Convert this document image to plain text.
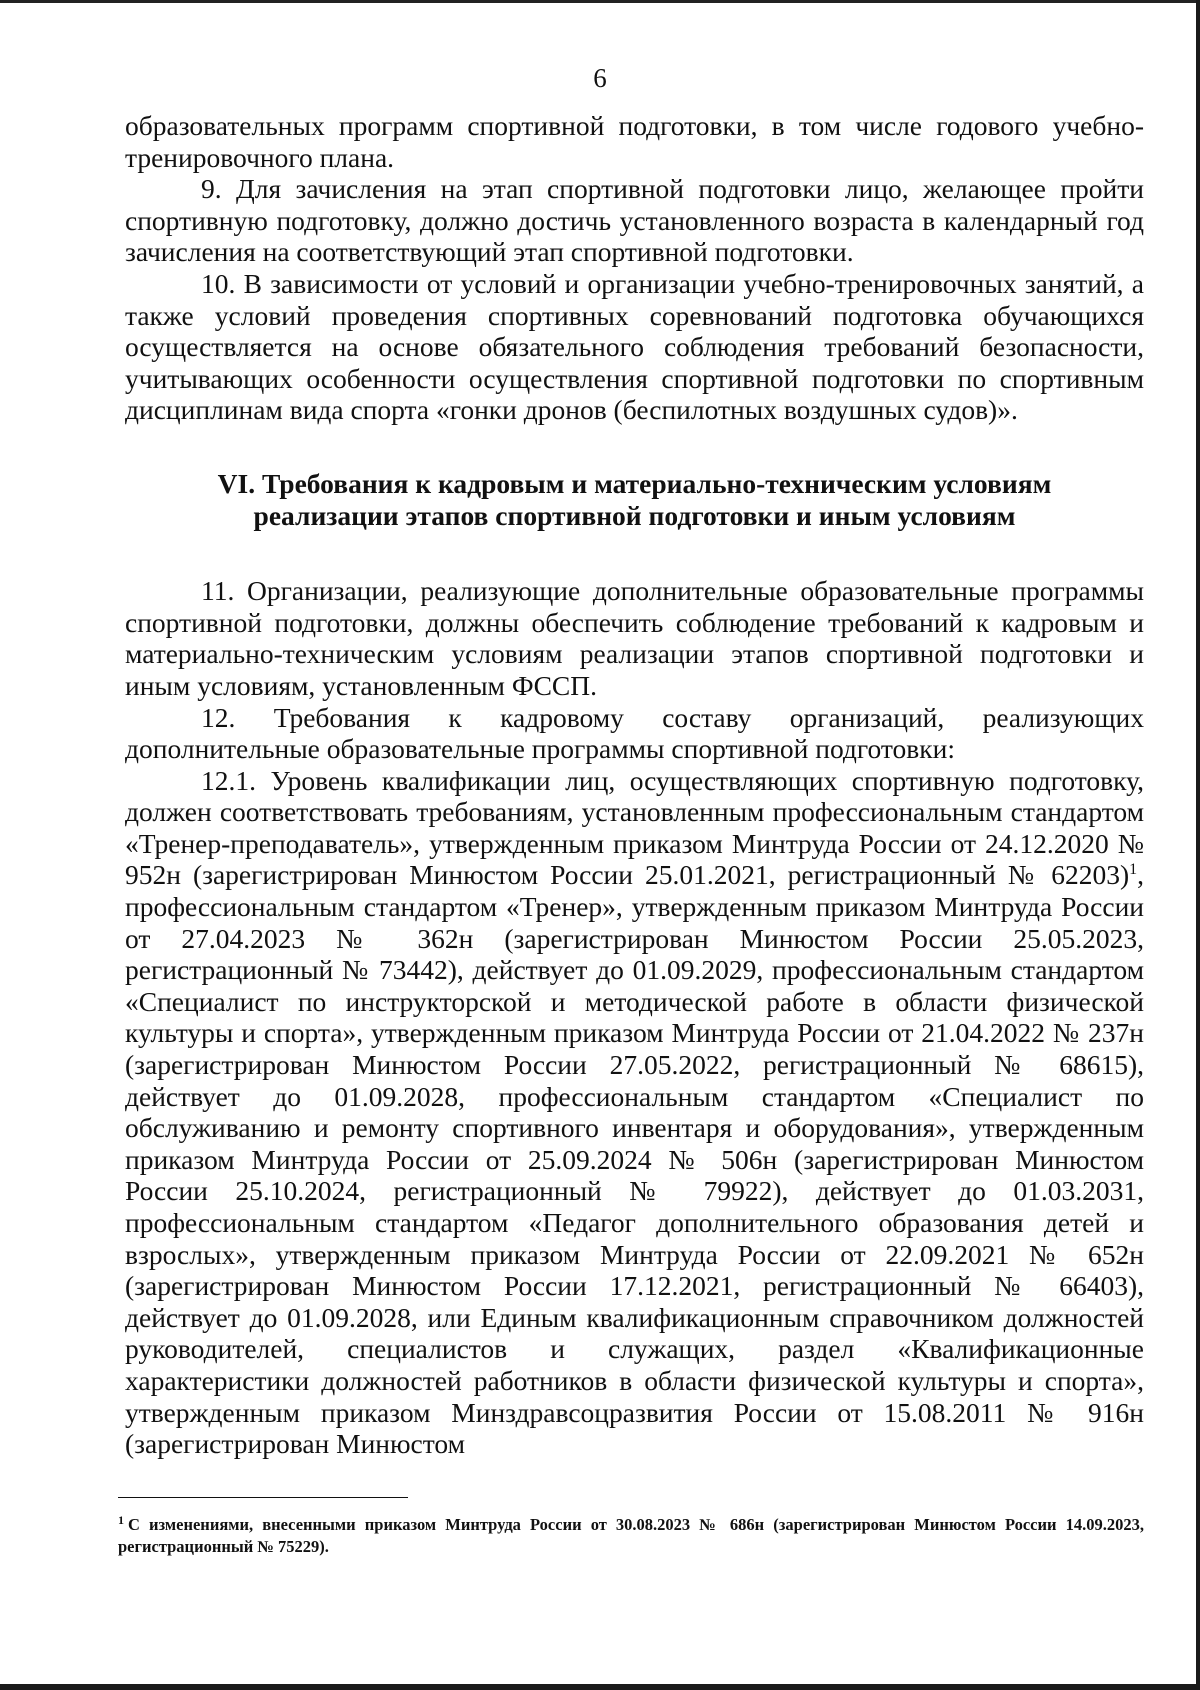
6

образовательных программ спортивной подготовки, в том числе годового учебно-тренировочного плана.

9. Для зачисления на этап спортивной подготовки лицо, желающее пройти спортивную подготовку, должно достичь установленного возраста в календарный год зачисления на соответствующий этап спортивной подготовки.

10. В зависимости от условий и организации учебно-тренировочных занятий, а также условий проведения спортивных соревнований подготовка обучающихся осуществляется на основе обязательного соблюдения требований безопасности, учитывающих особенности осуществления спортивной подготовки по спортивным дисциплинам вида спорта «гонки дронов (беспилотных воздушных судов)».

VI. Требования к кадровым и материально-техническим условиям
реализации этапов спортивной подготовки и иным условиям

11. Организации, реализующие дополнительные образовательные программы спортивной подготовки, должны обеспечить соблюдение требований к кадровым и материально-техническим условиям реализации этапов спортивной подготовки и иным условиям, установленным ФССП.

12. Требования к кадровому составу организаций, реализующих дополнительные образовательные программы спортивной подготовки:

12.1. Уровень квалификации лиц, осуществляющих спортивную подготовку, должен соответствовать требованиям, установленным профессиональным стандартом «Тренер-преподаватель», утвержденным приказом Минтруда России от 24.12.2020 № 952н (зарегистрирован Минюстом России 25.01.2021, регистрационный № 62203)$^1$, профессиональным стандартом «Тренер», утвержденным приказом Минтруда России от 27.04.2023 № 362н (зарегистрирован Минюстом России 25.05.2023, регистрационный № 73442), действует до 01.09.2029, профессиональным стандартом «Специалист по инструкторской и методической работе в области физической культуры и спорта», утвержденным приказом Минтруда России от 21.04.2022 № 237н (зарегистрирован Минюстом России 27.05.2022, регистрационный № 68615), действует до 01.09.2028, профессиональным стандартом «Специалист по обслуживанию и ремонту спортивного инвентаря и оборудования», утвержденным приказом Минтруда России от 25.09.2024 № 506н (зарегистрирован Минюстом России 25.10.2024, регистрационный № 79922), действует до 01.03.2031, профессиональным стандартом «Педагог дополнительного образования детей и взрослых», утвержденным приказом Минтруда России от 22.09.2021 № 652н (зарегистрирован Минюстом России 17.12.2021, регистрационный № 66403), действует до 01.09.2028, или Единым квалификационным справочником должностей руководителей, специалистов и служащих, раздел «Квалификационные характеристики должностей работников в области физической культуры и спорта», утвержденным приказом Минздравсоцразвития России от 15.08.2011 № 916н (зарегистрирован Минюстом

$^1$ С изменениями, внесенными приказом Минтруда России от 30.08.2023 № 686н (зарегистрирован Минюстом России 14.09.2023, регистрационный № 75229).
